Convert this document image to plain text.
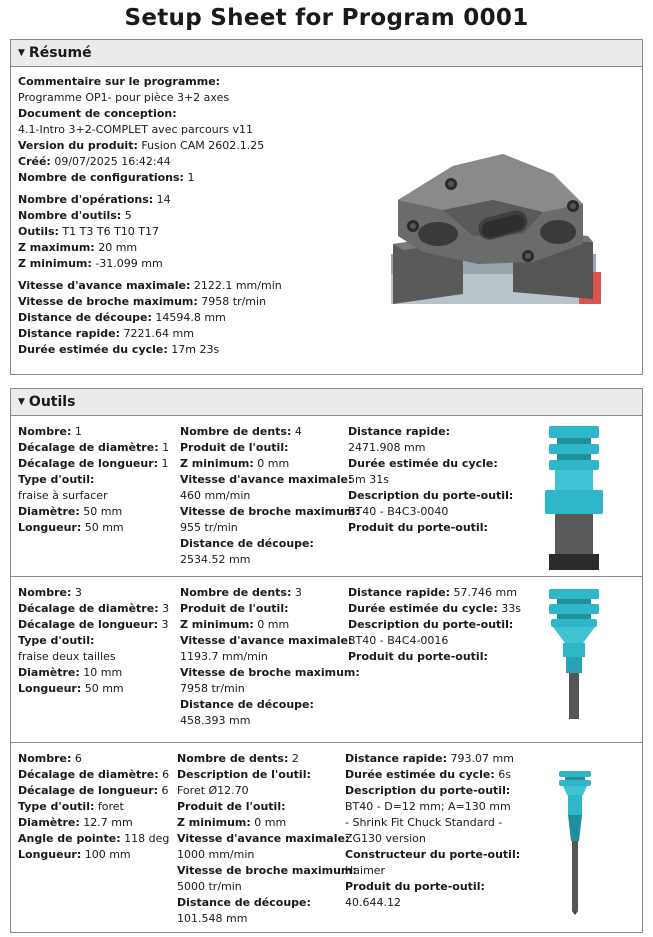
Setup Sheet for Program 0001
▼ Résumé
Commentaire sur le programme:
Programme OP1- pour pièce 3+2 axes
Document de conception:
4.1-Intro 3+2-COMPLET avec parcours v11
Version du produit: Fusion CAM 2602.1.25
Créé: 09/07/2025 16:42:44
Nombre de configurations: 1
Nombre d'opérations: 14
Nombre d'outils: 5
Outils: T1 T3 T6 T10 T17
Z maximum: 20 mm
Z minimum: -31.099 mm
Vitesse d'avance maximale: 2122.1 mm/min
Vitesse de broche maximum: 7958 tr/min
Distance de découpe: 14594.8 mm
Distance rapide: 7221.64 mm
Durée estimée du cycle: 17m 23s
▼ Outils
Nombre: 1
Décalage de diamètre: 1
Décalage de longueur: 1
Type d'outil:
fraise à surfacer
Diamètre: 50 mm
Longueur: 50 mm
Nombre de dents: 4
Produit de l'outil:
Z minimum: 0 mm
Vitesse d'avance maximale:
460 mm/min
Vitesse de broche maximum:
955 tr/min
Distance de découpe:
2534.52 mm
Distance rapide:
2471.908 mm
Durée estimée du cycle:
5m 31s
Description du porte-outil:
BT40 - B4C3-0040
Produit du porte-outil:
Nombre: 3
Décalage de diamètre: 3
Décalage de longueur: 3
Type d'outil:
fraise deux tailles
Diamètre: 10 mm
Longueur: 50 mm
Nombre de dents: 3
Produit de l'outil:
Z minimum: 0 mm
Vitesse d'avance maximale:
1193.7 mm/min
Vitesse de broche maximum:
7958 tr/min
Distance de découpe:
458.393 mm
Distance rapide: 57.746 mm
Durée estimée du cycle: 33s
Description du porte-outil:
BT40 - B4C4-0016
Produit du porte-outil:
Nombre: 6
Décalage de diamètre: 6
Décalage de longueur: 6
Type d'outil: foret
Diamètre: 12.7 mm
Angle de pointe: 118 deg
Longueur: 100 mm
Nombre de dents: 2
Description de l'outil:
Foret Ø12.70
Produit de l'outil:
Z minimum: 0 mm
Vitesse d'avance maximale:
1000 mm/min
Vitesse de broche maximum:
5000 tr/min
Distance de découpe:
101.548 mm
Distance rapide: 793.07 mm
Durée estimée du cycle: 6s
Description du porte-outil:
BT40 - D=12 mm; A=130 mm
- Shrink Fit Chuck Standard -
ZG130 version
Constructeur du porte-outil:
Haimer
Produit du porte-outil:
40.644.12
